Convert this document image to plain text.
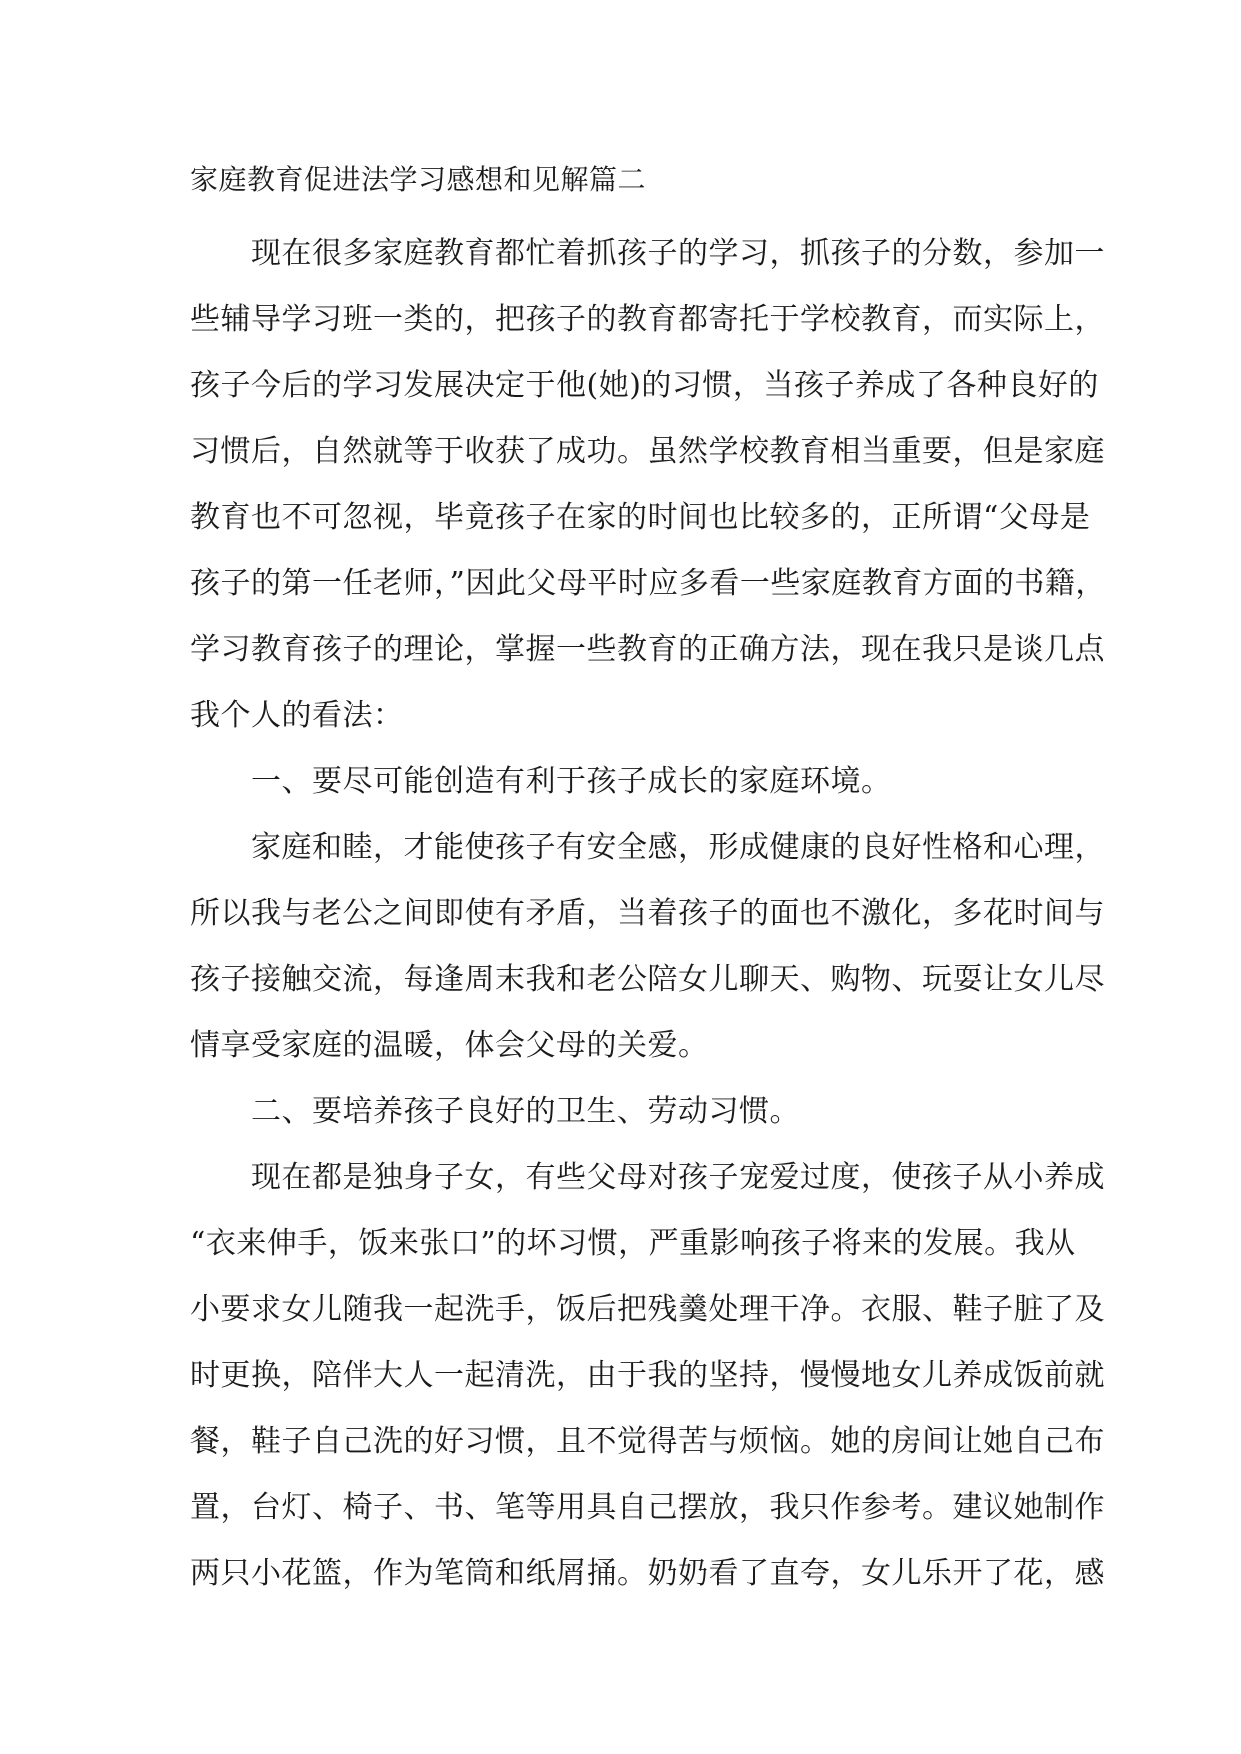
家庭教育促进法学习感想和见解篇二
　　现在很多家庭教育都忙着抓孩子的学习，抓孩子的分数，参加一
些辅导学习班一类的，把孩子的教育都寄托于学校教育，而实际上，
孩子今后的学习发展决定于他(她)的习惯，当孩子养成了各种良好的
习惯后，自然就等于收获了成功。虽然学校教育相当重要，但是家庭
教育也不可忽视，毕竟孩子在家的时间也比较多的，正所谓“父母是
孩子的第一任老师，”因此父母平时应多看一些家庭教育方面的书籍，
学习教育孩子的理论，掌握一些教育的正确方法，现在我只是谈几点
我个人的看法：
　　一、要尽可能创造有利于孩子成长的家庭环境。
　　家庭和睦，才能使孩子有安全感，形成健康的良好性格和心理，
所以我与老公之间即使有矛盾，当着孩子的面也不激化，多花时间与
孩子接触交流，每逢周末我和老公陪女儿聊天、购物、玩耍让女儿尽
情享受家庭的温暖，体会父母的关爱。
　　二、要培养孩子良好的卫生、劳动习惯。
　　现在都是独身子女，有些父母对孩子宠爱过度，使孩子从小养成
“衣来伸手，饭来张口”的坏习惯，严重影响孩子将来的发展。我从
小要求女儿随我一起洗手，饭后把残羹处理干净。衣服、鞋子脏了及
时更换，陪伴大人一起清洗，由于我的坚持，慢慢地女儿养成饭前就
餐，鞋子自己洗的好习惯，且不觉得苦与烦恼。她的房间让她自己布
置，台灯、椅子、书、笔等用具自己摆放，我只作参考。建议她制作
两只小花篮，作为笔筒和纸屑捅。奶奶看了直夸，女儿乐开了花，感
